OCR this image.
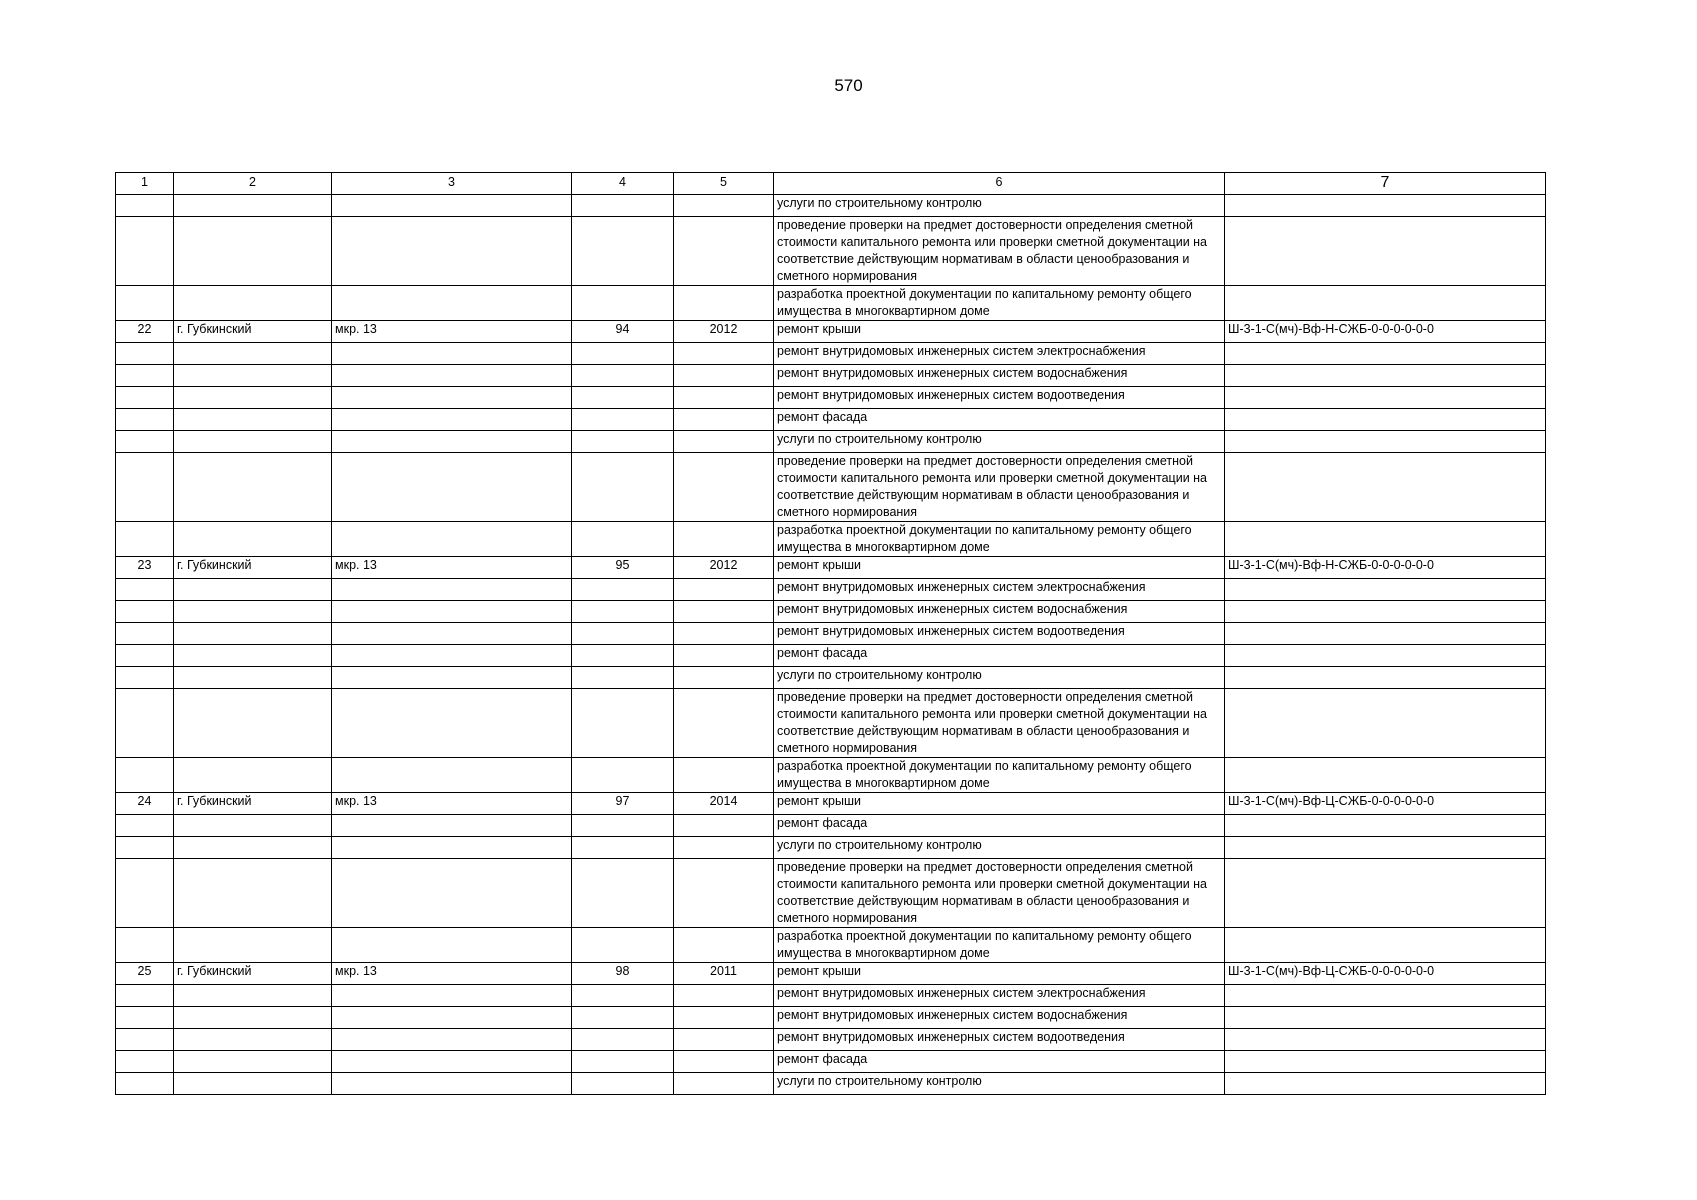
570
1	2	3	4	5	6	7
					услуги по строительному контролю	
					проведение проверки на предмет достоверности определения сметной стоимости капитального ремонта или проверки сметной документации на соответствие действующим нормативам в области ценообразования и сметного нормирования	
					разработка проектной документации по капитальному ремонту общего имущества в многоквартирном доме	
22	г. Губкинский	мкр. 13	94	2012	ремонт крыши	Ш-3-1-С(мч)-Вф-Н-СЖБ-0-0-0-0-0-0
					ремонт внутридомовых инженерных систем электроснабжения	
					ремонт внутридомовых инженерных систем водоснабжения	
					ремонт внутридомовых инженерных систем водоотведения	
					ремонт фасада	
					услуги по строительному контролю	
					проведение проверки на предмет достоверности определения сметной стоимости капитального ремонта или проверки сметной документации на соответствие действующим нормативам в области ценообразования и сметного нормирования	
					разработка проектной документации по капитальному ремонту общего имущества в многоквартирном доме	
23	г. Губкинский	мкр. 13	95	2012	ремонт крыши	Ш-3-1-С(мч)-Вф-Н-СЖБ-0-0-0-0-0-0
					ремонт внутридомовых инженерных систем электроснабжения	
					ремонт внутридомовых инженерных систем водоснабжения	
					ремонт внутридомовых инженерных систем водоотведения	
					ремонт фасада	
					услуги по строительному контролю	
					проведение проверки на предмет достоверности определения сметной стоимости капитального ремонта или проверки сметной документации на соответствие действующим нормативам в области ценообразования и сметного нормирования	
					разработка проектной документации по капитальному ремонту общего имущества в многоквартирном доме	
24	г. Губкинский	мкр. 13	97	2014	ремонт крыши	Ш-3-1-С(мч)-Вф-Ц-СЖБ-0-0-0-0-0-0
					ремонт фасада	
					услуги по строительному контролю	
					проведение проверки на предмет достоверности определения сметной стоимости капитального ремонта или проверки сметной документации на соответствие действующим нормативам в области ценообразования и сметного нормирования	
					разработка проектной документации по капитальному ремонту общего имущества в многоквартирном доме	
25	г. Губкинский	мкр. 13	98	2011	ремонт крыши	Ш-3-1-С(мч)-Вф-Ц-СЖБ-0-0-0-0-0-0
					ремонт внутридомовых инженерных систем электроснабжения	
					ремонт внутридомовых инженерных систем водоснабжения	
					ремонт внутридомовых инженерных систем водоотведения	
					ремонт фасада	
					услуги по строительному контролю	
